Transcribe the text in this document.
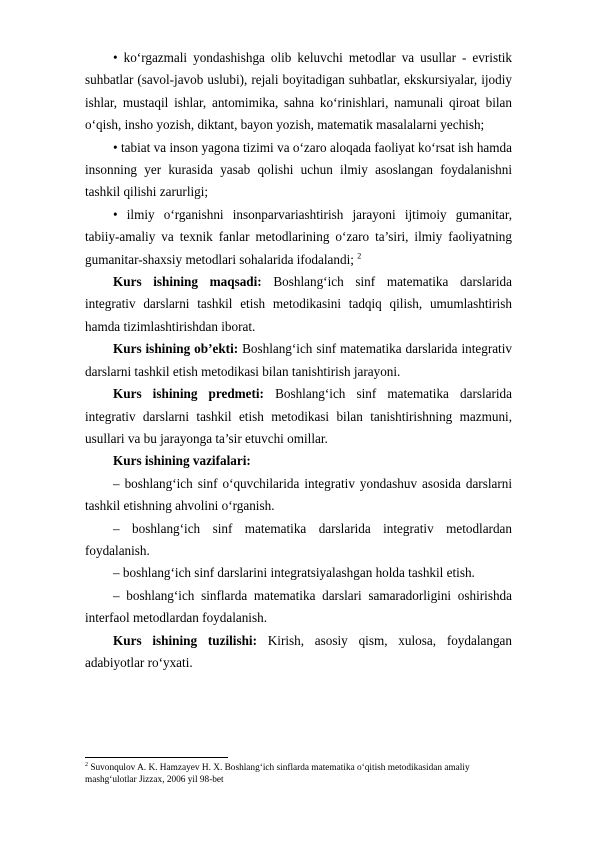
• ko‘rgazmali yondashishga olib keluvchi metodlar va usullar - evristik suhbatlar (savol-javob uslubi), rejali boyitadigan suhbatlar, ekskursiyalar, ijodiy ishlar, mustaqil ishlar, antomimika, sahna ko‘rinishlari, namunali qiroat bilan o‘qish, insho yozish, diktant, bayon yozish, matematik masalalarni yechish;

• tabiat va inson yagona tizimi va o‘zaro aloqada faoliyat ko‘rsat ish hamda insonning yer kurasida yasab qolishi uchun ilmiy asoslangan foydalanishni tashkil qilishi zarurligi;

• ilmiy o‘rganishni insonparvariashtirish jarayoni ijtimoiy gumanitar, tabiiy-amaliy va texnik fanlar metodlarining o‘zaro ta’siri, ilmiy faoliyatning gumanitar-shaxsiy metodlari sohalarida ifodalandi; $^2$

Kurs ishining maqsadi: Boshlang‘ich sinf matematika darslarida integrativ darslarni tashkil etish metodikasini tadqiq qilish, umumlashtirish hamda tizimlashtirishdan iborat.

Kurs ishining ob’ekti: Boshlang‘ich sinf matematika darslarida integrativ darslarni tashkil etish metodikasi bilan tanishtirish jarayoni.

Kurs ishining predmeti: Boshlang‘ich sinf matematika darslarida integrativ darslarni tashkil etish metodikasi bilan tanishtirishning mazmuni, usullari va bu jarayonga ta’sir etuvchi omillar.

Kurs ishining vazifalari:

– boshlang‘ich sinf o‘quvchilarida integrativ yondashuv asosida darslarni tashkil etishning ahvolini o‘rganish.

– boshlang‘ich sinf matematika darslarida integrativ metodlardan foydalanish.

– boshlang‘ich sinf darslarini integratsiyalashgan holda tashkil etish.

– boshlang‘ich sinflarda matematika darslari samaradorligini oshirishda interfaol metodlardan foydalanish.

Kurs ishining tuzilishi: Kirish, asosiy qism, xulosa, foydalangan adabiyotlar ro‘yxati.

$^2$ Suvonqulov A. K. Hamzayev H. X. Boshlang‘ich sinflarda matematika o‘qitish metodikasidan amaliy mashg‘ulotlar Jizzax, 2006 yil 98-bet
